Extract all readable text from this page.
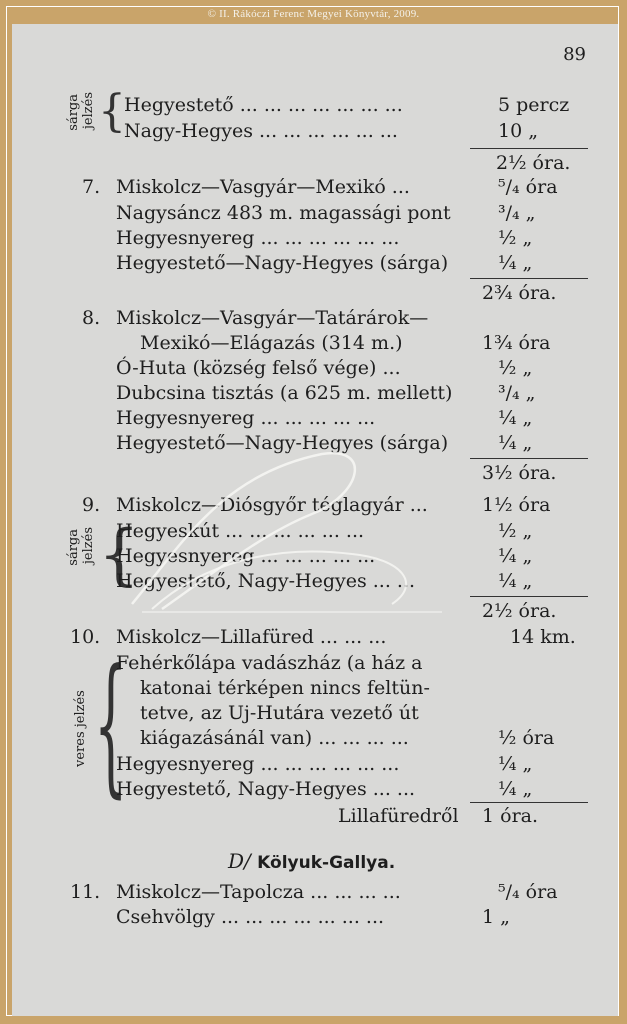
© II. Rákóczi Ferenc Megyei Könyvtár, 2009.
89
sárga jelzés {
Hegyestető ... ... ... ... ... ... ...	5 percz
Nagy-Hegyes ... ... ... ... ... ...	10 „
2½ óra.
7. Miskolcz—Vasgyár—Mexikó ...	⁵/₄ óra
Nagysáncz 483 m. magassági pont ³/₄ „
Hegyesnyereg ... ... ... ... ... ...	½ „
Hegyestető—Nagy-Hegyes (sárga)	¼ „
2¾ óra.
8. Miskolcz—Vasgyár—Tatárárok—
Mexikó—Elágazás (314 m.)	1¾ óra
Ó-Huta (község felső vége) ...	½ „
Dubcsina tisztás (a 625 m. mellett) ³/₄ „
Hegyesnyereg ... ... ... ... ...	¼ „
Hegyestető—Nagy-Hegyes (sárga)	¼ „
3½ óra.
9. Miskolcz—Diósgyőr téglagyár ...	1½ óra
sárga jelzés {
Hegyeskút ... ... ... ... ... ...	½ „
Hegyesnyereg ... ... ... ... ...	¼ „
Hegyestető, Nagy-Hegyes ... ...	¼ „
2½ óra.
10. Miskolcz—Lillafüred ... ... ...	14 km.
veres jelzés {
Fehérkőlápa vadászház (a ház a
katonai térképen nincs feltün-
tetve, az Uj-Hutára vezető út
kiágazásánál van) ... ... ... ...	½ óra
Hegyesnyereg ... ... ... ... ... ...	¼ „
Hegyestető, Nagy-Hegyes ... ...	¼ „
Lillafüredről 1 óra.
D/ Kölyuk-Gallya.
11. Miskolcz—Tapolcza ... ... ... ...	⁵/₄ óra
Csehvölgy ... ... ... ... ... ... ...	1 „
